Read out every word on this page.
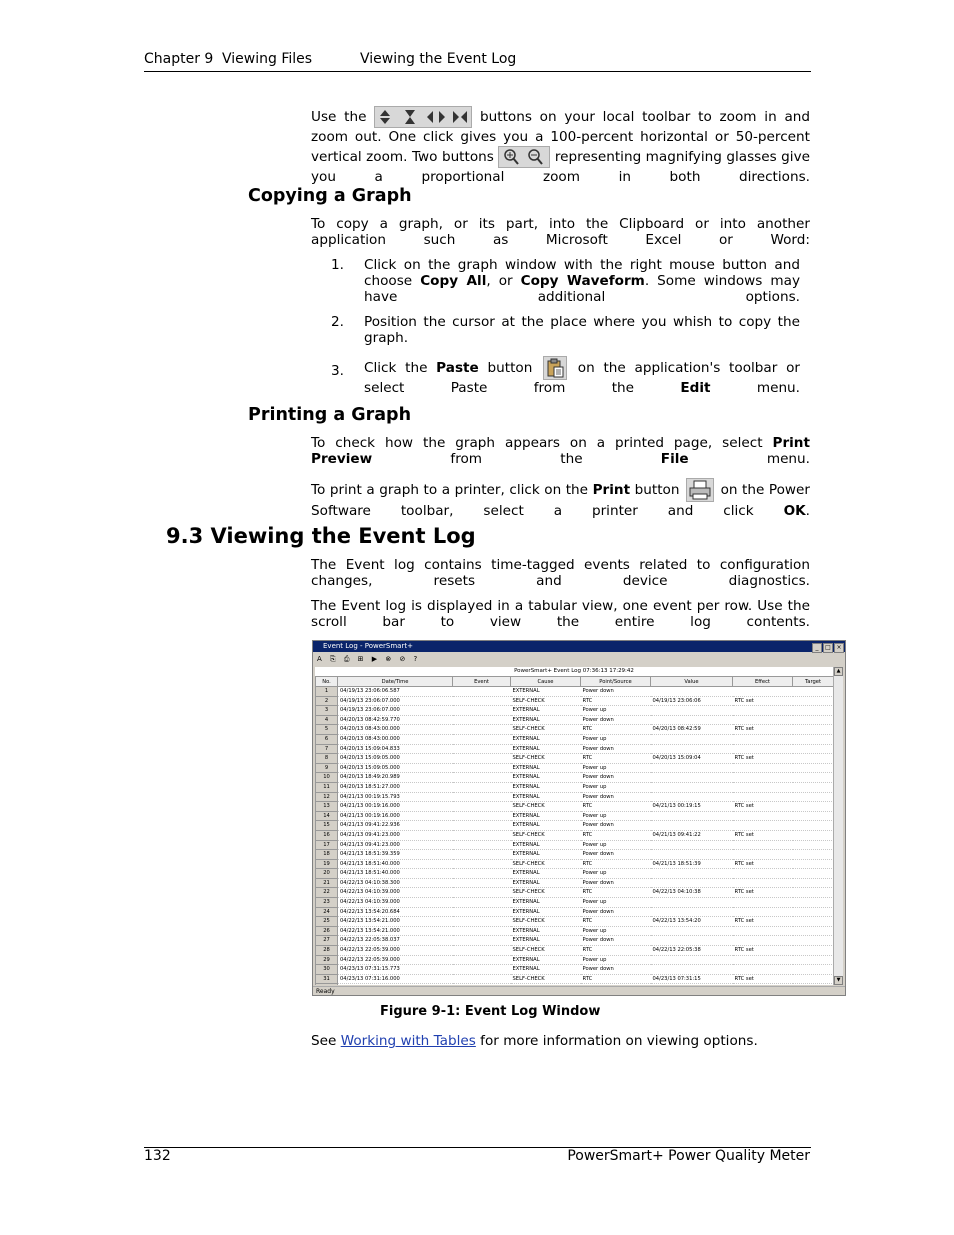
Chapter 9 Viewing Files	Viewing the Event Log
Use the	buttons on your local toolbar to zoom in and zoom out. One click gives you a 100-percent horizontal or 50-percent vertical zoom. Two buttons	representing magnifying glasses give you a proportional zoom in both directions.
Copying a Graph
To copy a graph, or its part, into the Clipboard or into another application such as Microsoft Excel or Word:
1. Click on the graph window with the right mouse button and choose Copy All, or Copy Waveform. Some windows may have additional options.
2. Position the cursor at the place where you whish to copy the graph.
3. Click the Paste button	on the application's toolbar or select Paste from the Edit menu.
Printing a Graph
To check how the graph appears on a printed page, select Print Preview from the File menu.
To print a graph to a printer, click on the Print button	on the Power Software toolbar, select a printer and click OK.
9.3 Viewing the Event Log
The Event log contains time-tagged events related to configuration changes, resets and device diagnostics.
The Event log is displayed in a tabular view, one event per row. Use the scroll bar to view the entire log contents.
Event Log - PowerSmart+	_ □ ×
A ⎘ ⎙ ⊞ ▶ ⊗ ⊘ ?
PowerSmart+ Event Log 07:36:13 17:29:42
No.	Date/Time	Event	Cause	Point/Source	Value	Effect	Target
1	04/19/13 23:06:06.587		EXTERNAL	Power down			
2	04/19/13 23:06:07.000		SELF-CHECK	RTC	04/19/13 23:06:06	RTC set	
3	04/19/13 23:06:07.000		EXTERNAL	Power up			
4	04/20/13 08:42:59.770		EXTERNAL	Power down			
5	04/20/13 08:43:00.000		SELF-CHECK	RTC	04/20/13 08:42:59	RTC set	
6	04/20/13 08:43:00.000		EXTERNAL	Power up			
7	04/20/13 15:09:04.833		EXTERNAL	Power down			
8	04/20/13 15:09:05.000		SELF-CHECK	RTC	04/20/13 15:09:04	RTC set	
9	04/20/13 15:09:05.000		EXTERNAL	Power up			
10	04/20/13 18:49:20.989		EXTERNAL	Power down			
11	04/20/13 18:51:27.000		EXTERNAL	Power up			
12	04/21/13 00:19:15.793		EXTERNAL	Power down			
13	04/21/13 00:19:16.000		SELF-CHECK	RTC	04/21/13 00:19:15	RTC set	
14	04/21/13 00:19:16.000		EXTERNAL	Power up			
15	04/21/13 09:41:22.936		EXTERNAL	Power down			
16	04/21/13 09:41:23.000		SELF-CHECK	RTC	04/21/13 09:41:22	RTC set	
17	04/21/13 09:41:23.000		EXTERNAL	Power up			
18	04/21/13 18:51:39.359		EXTERNAL	Power down			
19	04/21/13 18:51:40.000		SELF-CHECK	RTC	04/21/13 18:51:39	RTC set	
20	04/21/13 18:51:40.000		EXTERNAL	Power up			
21	04/22/13 04:10:38.300		EXTERNAL	Power down			
22	04/22/13 04:10:39.000		SELF-CHECK	RTC	04/22/13 04:10:38	RTC set	
23	04/22/13 04:10:39.000		EXTERNAL	Power up			
24	04/22/13 13:54:20.684		EXTERNAL	Power down			
25	04/22/13 13:54:21.000		SELF-CHECK	RTC	04/22/13 13:54:20	RTC set	
26	04/22/13 13:54:21.000		EXTERNAL	Power up			
27	04/22/13 22:05:38.037		EXTERNAL	Power down			
28	04/22/13 22:05:39.000		SELF-CHECK	RTC	04/22/13 22:05:38	RTC set	
29	04/22/13 22:05:39.000		EXTERNAL	Power up			
30	04/23/13 07:31:15.773		EXTERNAL	Power down			
31	04/23/13 07:31:16.000		SELF-CHECK	RTC	04/23/13 07:31:15	RTC set	

▲
▼
Ready
Figure 9-1: Event Log Window
See Working with Tables for more information on viewing options.
132	PowerSmart+ Power Quality Meter
